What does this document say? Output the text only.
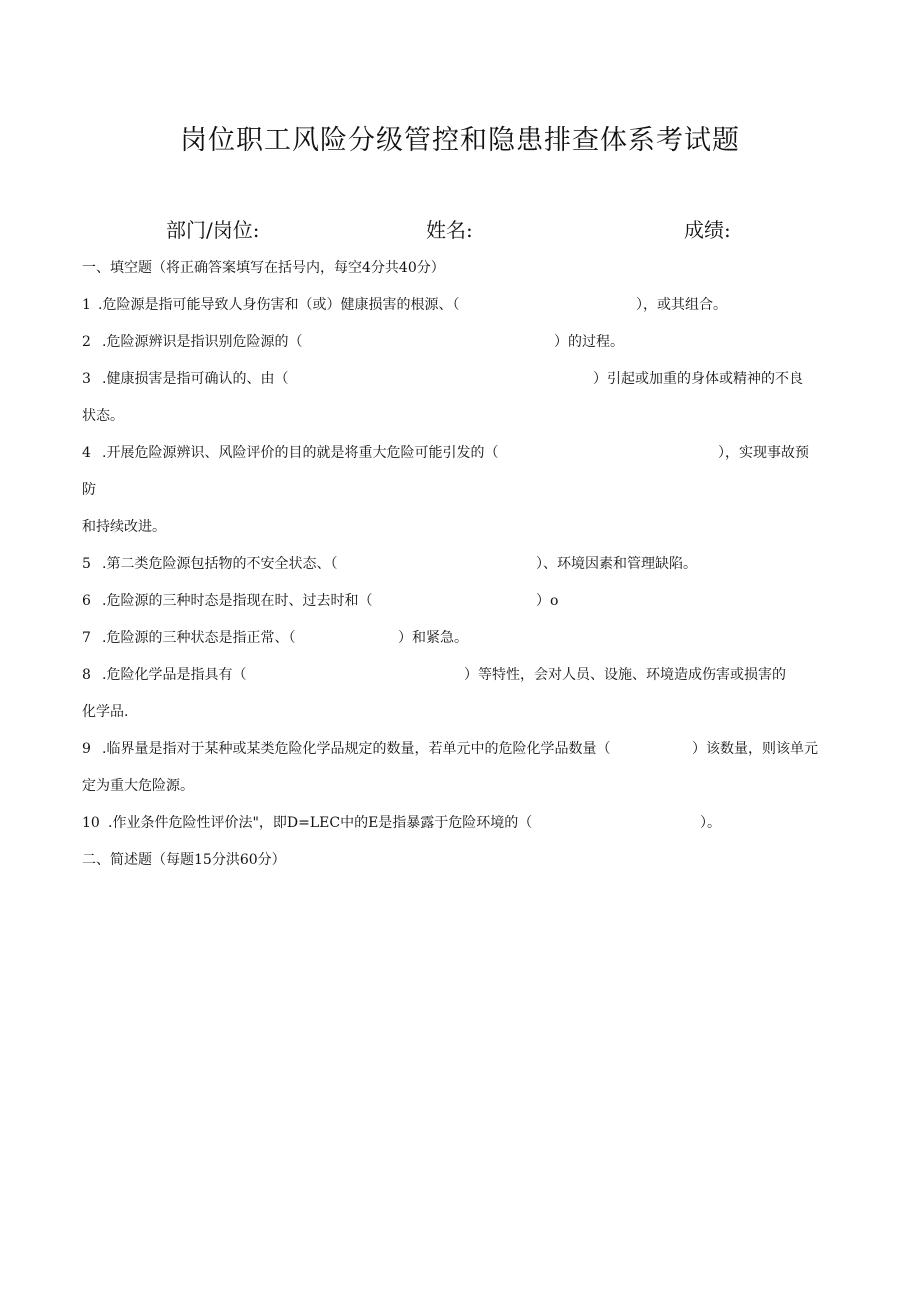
岗位职工风险分级管控和隐患排查体系考试题
部门/岗位:	姓名:	成绩:
一、填空题（将正确答案填写在括号内，每空4分共40分）
1 .危险源是指可能导致人身伤害和（或）健康损害的根源、（	），或其组合。
2 .危险源辨识是指识别危险源的（	）的过程。
3 .健康损害是指可确认的、由（	）引起或加重的身体或精神的不良
状态。
4 .开展危险源辨识、风险评价的目的就是将重大危险可能引发的（	），实现事故预
防
和持续改进。
5 .第二类危险源包括物的不安全状态、（	）、环境因素和管理缺陷。
6 .危险源的三种时态是指现在时、过去时和（	）o
7 .危险源的三种状态是指正常、（	）和紧急。
8 .危险化学品是指具有（	）等特性，会对人员、设施、环境造成伤害或损害的
化学品.
9 .临界量是指对于某种或某类危险化学品规定的数量，若单元中的危险化学品数量（	）该数量，则该单元
定为重大危险源。
10 .作业条件危险性评价法"，即D=LEC中的E是指暴露于危险环境的（	）。
二、简述题（每题15分洪60分）
